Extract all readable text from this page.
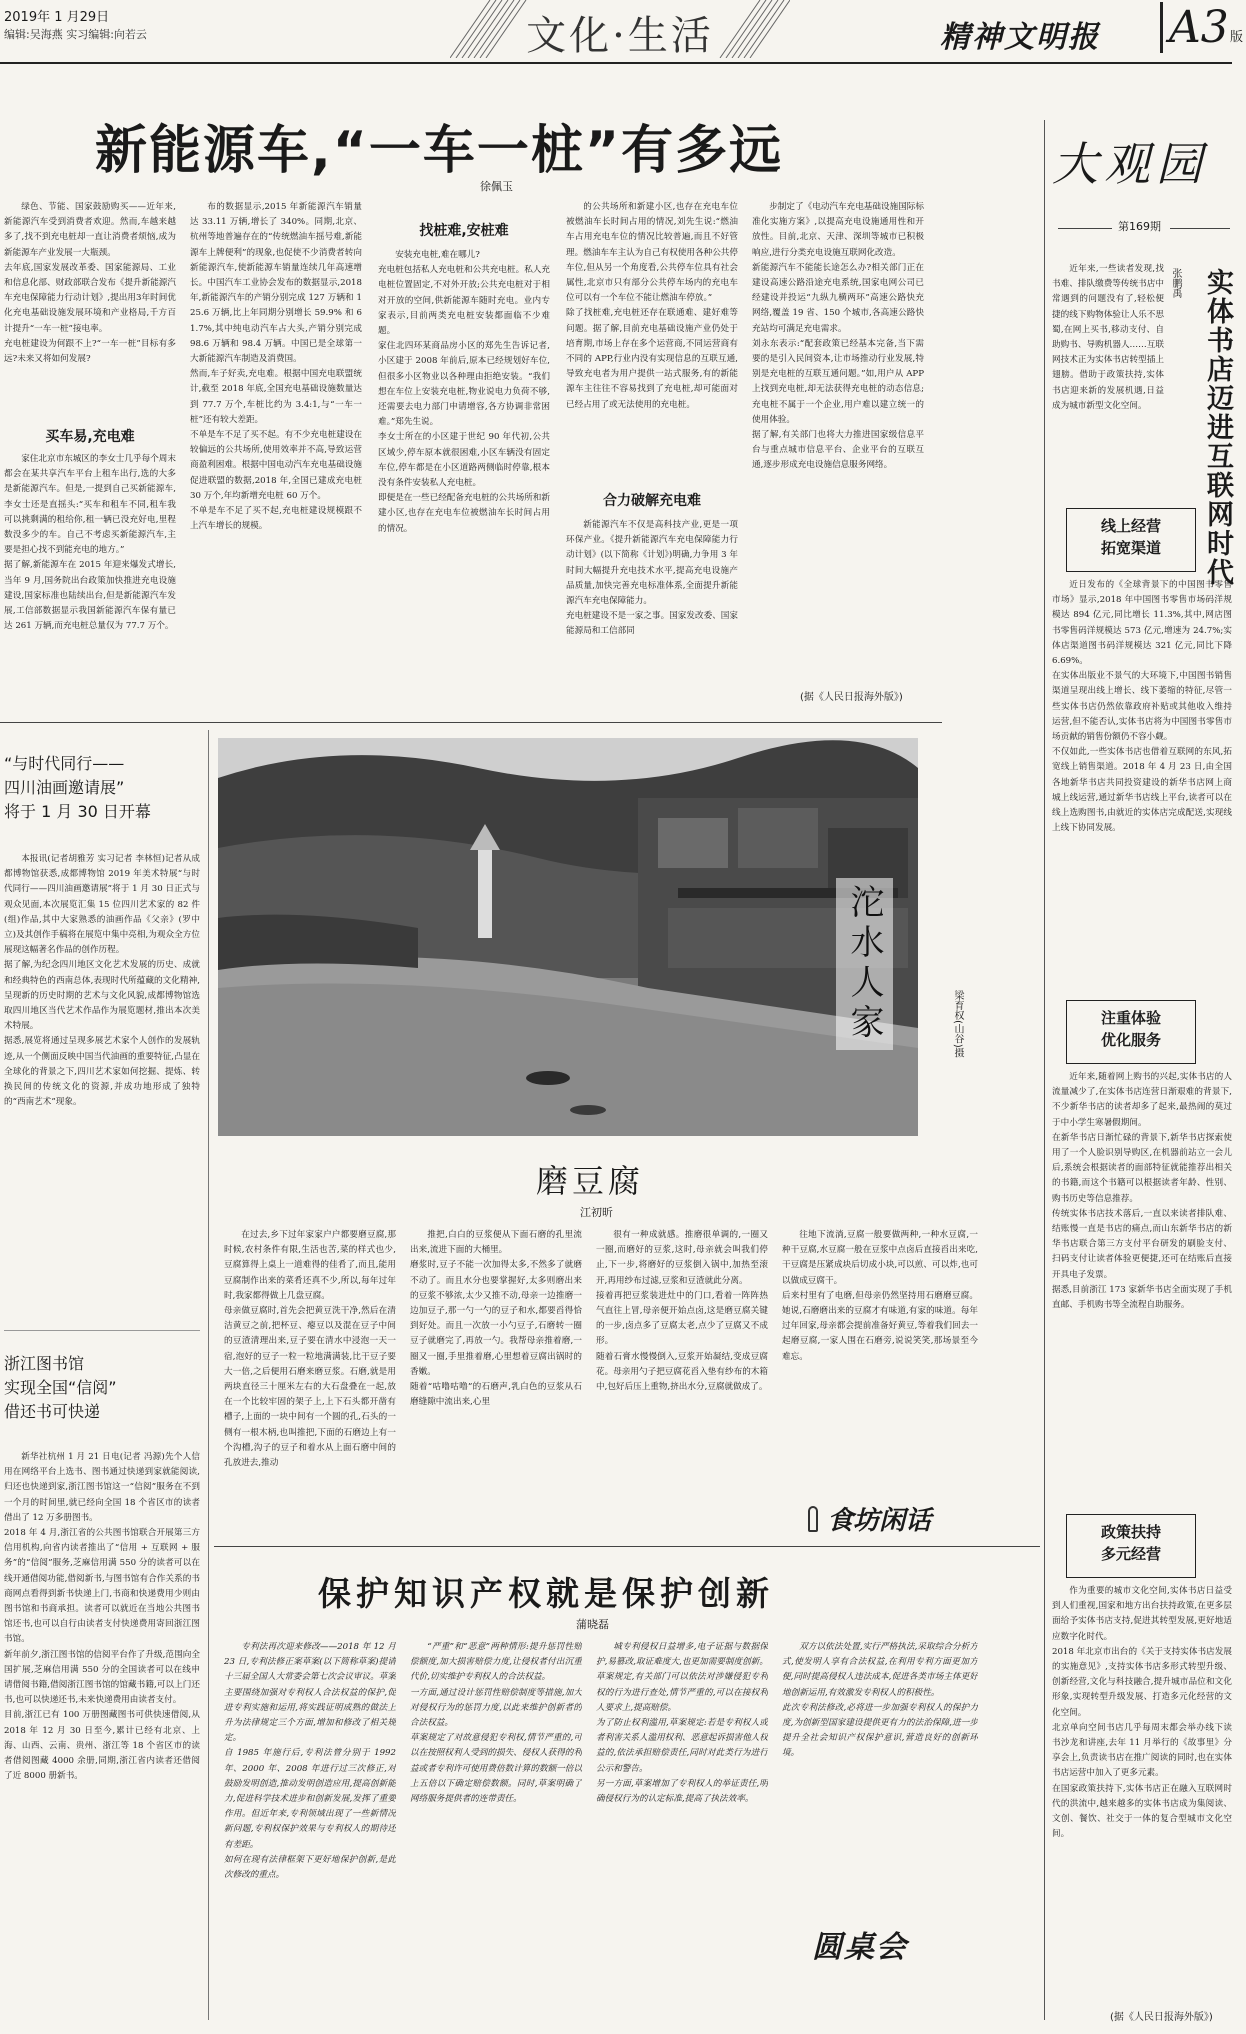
2019年 1 月29日
编辑:吴海燕 实习编辑:向若云	文化·生活	精神文明报 A3 版
新能源车,“一车一桩”有多远
徐佩玉

绿色、节能、国家鼓励购买——近年来,新能源汽车受到消费者欢迎。然而,车越来越多了,找不到充电桩却一直让消费者烦恼,成为新能源车产业发展一大瓶颈。
去年底,国家发展改革委、国家能源局、工业和信息化部、财政部联合发布《提升新能源汽车充电保障能力行动计划》,提出用3年时间优化充电基础设施发展环境和产业格局,千方百计提升“一车一桩”接电率。
充电桩建设为何跟不上?“一车一桩”目标有多远?未来又将如何发展?

买车易,充电难

家住北京市东城区的李女士几乎每个周末都会在某共享汽车平台上租车出行,选的大多是新能源汽车。但是,一提到自己买新能源车,李女士还是直摇头:“买车和租车不同,租车我可以挑剩满的租给你,租一辆已没充好电,里程数没多少的车。自己不考虑买新能源汽车,主要是担心找不到能充电的地方。”
据了解,新能源车在 2015 年迎来爆发式增长,当年 9 月,国务院出台政策加快推进充电设施建设,国家标准也陆续出台,但是新能源汽车发展,工信部数据显示我国新能源汽车保有量已达 261 万辆,而充电桩总量仅为 77.7 万个。

布的数据显示,2015 年新能源汽车销量达 33.11 万辆,增长了 340%。同期,北京、杭州等地普遍存在的“传统燃油车摇号难,新能源车上牌便利”的现象,也促使不少消费者转向新能源汽车,使新能源车销量连续几年高速增长。中国汽车工业协会发布的数据显示,2018 年,新能源汽车的产销分别完成 127 万辆和 125.6 万辆,比上年同期分别增长 59.9% 和 61.7%,其中纯电动汽车占大头,产销分别完成 98.6 万辆和 98.4 万辆。中国已是全球第一大新能源汽车制造及消费国。
然而,车子好卖,充电难。根据中国充电联盟统计,截至 2018 年底,全国充电基础设施数量达到 77.7 万个,车桩比约为 3.4:1,与“一车一桩”还有较大差距。
不单是车不足了买不起。有不少充电桩建设在较偏远的公共场所,使用效率并不高,导致运营商盈利困难。根据中国电动汽车充电基础设施促进联盟的数据,2018 年,全国已建成充电桩 30 万个,年均新增充电桩 60 万个。
不单是车不足了买不起,充电桩建设规模跟不上汽车增长的规模。

找桩难,安桩难

安装充电桩,难在哪儿?
充电桩包括私人充电桩和公共充电桩。私人充电桩位置固定,不对外开放;公共充电桩对于相对开放的空间,供新能源车随时充电。业内专家表示,目前两类充电桩安装都面临不少难题。
家住北四环某商品房小区的郑先生告诉记者,小区建于 2008 年前后,原本已经规划好车位,但很多小区物业以各种理由拒绝安装。“我们想在车位上安装充电桩,物业说电力负荷不够,还需要去电力部门申请增容,各方协调非常困难。”郑先生说。
李女士所在的小区建于世纪 90 年代初,公共区域少,停车原本就很困难,小区车辆没有固定车位,停车都是在小区道路两侧临时停靠,根本没有条件安装私人充电桩。
即便是在一些已经配备充电桩的公共场所和新建小区,也存在充电车位被燃油车长时间占用的情况。

的公共场所和新建小区,也存在充电车位被燃油车长时间占用的情况,刘先生说:“燃油车占用充电车位的情况比较普遍,而且不好管理。燃油车车主认为自己有权使用各种公共停车位,但从另一个角度看,公共停车位具有社会属性,北京市只有部分公共停车场内的充电车位可以有一个车位不能让燃油车停放。”
除了找桩难,充电桩还存在联通难、建好难等问题。据了解,目前充电基础设施产业仍处于培育期,市场上存在多个运营商,不同运营商有不同的 APP,行业内没有实现信息的互联互通,导致充电者为用户提供一站式服务,有的新能源车主往往不容易找到了充电桩,却可能面对已经占用了或无法使用的充电桩。

合力破解充电难

新能源汽车不仅是高科技产业,更是一项环保产业。《提升新能源汽车充电保障能力行动计划》(以下简称《计划》)明确,力争用 3 年时间大幅提升充电技术水平,提高充电设施产品质量,加快完善充电标准体系,全面提升新能源汽车充电保障能力。
充电桩建设不是一家之事。国家发改委、国家能源局和工信部同

步制定了《电动汽车充电基础设施国际标准化实施方案》,以提高充电设施通用性和开放性。目前,北京、天津、深圳等城市已积极响应,进行分类充电设施互联网化改造。
新能源汽车不能能长途怎么办?相关部门正在建设高速公路沿途充电系统,国家电网公司已经建设并投运“九纵九横两环”高速公路快充网络,覆盖 19 省、150 个城市,各高速公路快充站均可满足充电需求。
刘永东表示:“配套政策已经基本完备,当下需要的是引入民间资本,让市场推动行业发展,特别是充电桩的互联互通问题。”如,用户从 APP 上找到充电桩,却无法获得充电桩的动态信息;充电桩不属于一个企业,用户难以建立统一的使用体验。
据了解,有关部门也将大力推进国家级信息平台与重点城市信息平台、企业平台的互联互通,逐步形成充电设施信息服务网络。

(据《人民日报海外版》)
大观园
第169期
实体书店迈进互联网时代
张鹏禹

近年来,一些读者发现,找书难、排队缴费等传统书店中常遇到的问题没有了,轻松便捷的线下购物体验让人乐不思蜀,在网上买书,移动支付、自助购书、导购机器人……互联网技术正为实体书店转型插上翅膀。借助于政策扶持,实体书店迎来新的发展机遇,日益成为城市新型文化空间。

线上经营
拓宽渠道

近日发布的《全球背景下的中国图书零售市场》显示,2018 年中国图书零售市场码洋规模达 894 亿元,同比增长 11.3%,其中,网店图书零售码洋规模达 573 亿元,增速为 24.7%;实体店渠道图书码洋规模达 321 亿元,同比下降 6.69%。
在实体出版业不景气的大环境下,中国图书销售渠道呈现出线上增长、线下萎缩的特征,尽管一些实体书店仍然依靠政府补贴或其他收入维持运营,但不能否认,实体书店将为中国图书零售市场贡献的销售份额仍不容小觑。
不仅如此,一些实体书店也借着互联网的东风,拓宽线上销售渠道。2018 年 4 月 23 日,由全国各地新华书店共同投资建设的新华书店网上商城上线运营,通过新华书店线上平台,读者可以在线上选购图书,由就近的实体店完成配送,实现线上线下协同发展。

注重体验
优化服务

近年来,随着网上购书的兴起,实体书店的人流量减少了,在实体书店连营日渐艰难的背景下,不少新华书店的读者却多了起来,最热闹的莫过于中小学生寒暑假期间。
在新华书店日渐忙碌的背景下,新华书店探索使用了一个人脸识别导购区,在机器前站立一会儿后,系统会根据读者的面部特征就能推荐出相关的书籍,而这个书籍可以根据读者年龄、性别、购书历史等信息推荐。
传统实体书店技术落后,一直以来读者排队难、结账慢一直是书店的痛点,而山东新华书店的新华书店联合第三方支付平台研发的刷脸支付、扫码支付让读者体验更便捷,还可在结账后直接开具电子发票。
据悉,目前浙江 173 家新华书店全面实现了手机直邮、手机购书等全流程自助服务。

政策扶持
多元经营

作为重要的城市文化空间,实体书店日益受到人们重视,国家和地方出台扶持政策,在更多层面给予实体书店支持,促进其转型发展,更好地适应数字化时代。
2018 年北京市出台的《关于支持实体书店发展的实施意见》,支持实体书店多形式转型升级、创新经营,文化与科技融合,提升城市品位和文化形象,实现转型升级发展、打造多元化经营的文化空间。
北京单向空间书店几乎每周末都会举办线下读书沙龙和讲座,去年 11 月举行的《故事里》分享会上,负责读书店在推广阅读的同时,也在实体书店运营中加入了更多元素。
在国家政策扶持下,实体书店正在融入互联网时代的洪流中,越来越多的实体书店成为集阅读、文创、餐饮、社交于一体的复合型城市文化空间。

(据《人民日报海外版》)
“与时代同行——
四川油画邀请展”
将于 1 月 30 日开幕

本报讯(记者胡雅芳 实习记者 李林恒)记者从成都博物馆获悉,成都博物馆 2019 年美术特展“与时代同行——四川油画邀请展”将于 1 月 30 日正式与观众见面,本次展览汇集 15 位四川艺术家的 82 件(组)作品,其中大家熟悉的油画作品《父亲》(罗中立)及其创作手稿将在展览中集中亮相,为观众全方位展现这幅著名作品的创作历程。
据了解,为纪念四川地区文化艺术发展的历史、成就和经典特色的西南总体,表现时代所蕴藏的文化精神,呈现新的历史时期的艺术与文化风貌,成都博物馆选取四川地区当代艺术作品作为展览题材,推出本次美术特展。
据悉,展览将通过呈现多展艺术家个人创作的发展轨迹,从一个侧面反映中国当代油画的重要特征,凸显在全球化的背景之下,四川艺术家如何挖掘、提炼、转换民间的传统文化的资源,并成功地形成了独特的“西南艺术”现象。

浙江图书馆
实现全国“信阅”
借还书可快递

新华社杭州 1 月 21 日电(记者 冯源)先个人信用在网络平台上选书、图书通过快递到家就能阅读,归还也快递到家,浙江图书馆这一“信阅”服务在不到一个月的时间里,就已经向全国 18 个省区市的读者借出了 12 万多册图书。
2018 年 4 月,浙江省的公共图书馆联合开展第三方信用机构,向省内读者推出了“信用 + 互联网 + 服务”的“信阅”服务,芝麻信用满 550 分的读者可以在线开通借阅功能,借阅新书,与图书馆有合作关系的书商网点看得到新书快递上门,书商和快递费用少则由图书馆和书商承担。读者可以就近在当地公共图书馆还书,也可以自行由读者支付快递费用寄回浙江图书馆。
新年前夕,浙江图书馆的信阅平台作了升级,范围向全国扩展,芝麻信用满 550 分的全国读者可以在线申请借阅书籍,借阅浙江图书馆的馆藏书籍,可以上门还书,也可以快递还书,未来快递费用由读者支付。
目前,浙江已有 100 万册图藏图书可供快速借阅,从 2018 年 12 月 30 日至今,累计已经有北京、上海、山西、云南、贵州、浙江等 18 个省区市的读者借阅图藏 4000 余册,同期,浙江省内读者还借阅了近 8000 册新书。

沱水人家	梁育权(山谷)摄
磨豆腐
江初昕

在过去,乡下过年家家户户都要磨豆腐,那时候,农村条件有限,生活也苦,菜的样式也少,豆腐算得上桌上一道难得的佳肴了,而且,能用豆腐制作出来的菜肴还真不少,所以,每年过年时,我家都得做上几盘豆腐。
母亲做豆腐时,首先会把黄豆洗干净,然后在清洁黄豆之前,把杯豆、瘪豆以及混在豆子中间的豆渣清理出来,豆子要在清水中浸泡一天一宿,泡好的豆子一粒一粒地满满装,比干豆子要大一倍,之后便用石磨来磨豆浆。石磨,就是用两块直径三十厘米左右的大石盘叠在一起,放在一个比较牢固的架子上,上下石头都开凿有槽子,上面的一块中间有一个圆的孔,石头的一侧有一根木柄,也叫推把,下面的石磨边上有一个沟槽,沟子的豆子和着水从上面石磨中间的孔放进去,推动

推把,白白的豆浆便从下面石磨的孔里流出来,流进下面的大桶里。
磨浆时,豆子不能一次加得太多,不然多了就磨不动了。而且水分也要掌握好,太多则磨出来的豆浆不够浓,太少又推不动,母亲一边推磨一边加豆子,那一勺一勺的豆子和水,都要舀得恰到好处。而且一次放一小勺豆子,石磨转一圈豆子就磨完了,再放一勺。我帮母亲推着磨,一圈又一圈,手里推着磨,心里想着豆腐出锅时的香嫩。
随着“咕噜咕噜”的石磨声,乳白色的豆浆从石磨缝隙中流出来,心里

很有一种成就感。推磨很单调的,一圈又一圈,而磨好的豆浆,这时,母亲就会叫我们停止,下一步,将磨好的豆浆倒入锅中,加热至滚开,再用纱布过滤,豆浆和豆渣就此分离。
接着再把豆浆装进灶中的门口,看着一阵阵热气直往上冒,母亲便开始点卤,这是磨豆腐关键的一步,卤点多了豆腐太老,点少了豆腐又不成形。
随着石膏水慢慢倒入,豆浆开始凝结,变成豆腐花。母亲用勺子把豆腐花舀入垫有纱布的木箱中,包好后压上重物,挤出水分,豆腐就做成了。

往地下流淌,豆腐一般要做两种,一种水豆腐,一种干豆腐,水豆腐一般在豆浆中点卤后直接舀出来吃,干豆腐是压紧成块后切成小块,可以煎、可以炸,也可以做成豆腐干。
后来村里有了电磨,但母亲仍然坚持用石磨磨豆腐。她说,石磨磨出来的豆腐才有味道,有家的味道。每年过年回家,母亲都会提前准备好黄豆,等着我们回去一起磨豆腐,一家人围在石磨旁,说说笑笑,那场景至今难忘。

食坊闲话
保护知识产权就是保护创新
蒲晓磊

专利法再次迎来修改——2018 年 12 月 23 日,专利法修正案草案(以下简称草案)提请十三届全国人大常委会第七次会议审议。草案主要围绕加强对专利权人合法权益的保护,促进专利实施和运用,将实践证明成熟的做法上升为法律规定三个方面,增加和修改了相关规定。
自 1985 年施行后,专利法曾分别于 1992 年、2000 年、2008 年进行过三次修正,对鼓励发明创造,推动发明创造应用,提高创新能力,促进科学技术进步和创新发展,发挥了重要作用。但近年来,专利领域出现了一些新情况新问题,专利权保护效果与专利权人的期待还有差距。
如何在现有法律框架下更好地保护创新,是此次修改的重点。

“严重”和“恶意”两种情形:提升惩罚性赔偿额度,加大损害赔偿力度,让侵权者付出沉重代价,切实维护专利权人的合法权益。
一方面,通过设计惩罚性赔偿制度等措施,加大对侵权行为的惩罚力度,以此来维护创新者的合法权益。
草案规定了对故意侵犯专利权,情节严重的,可以在按照权利人受到的损失、侵权人获得的利益或者专利许可使用费倍数计算的数额一倍以上五倍以下确定赔偿数额。同时,草案明确了网络服务提供者的连带责任。

城专利侵权日益增多,电子证据与数据保护,易篡改,取证难度大,也更加需要制度创新。草案规定,有关部门可以依法对涉嫌侵犯专利权的行为进行查处,情节严重的,可以在接权利人要求上,提高赔偿。
为了防止权利滥用,草案规定:若是专利权人或者利害关系人滥用权利、恶意起诉损害他人权益的,依法承担赔偿责任,同时对此类行为进行公示和警告。
另一方面,草案增加了专利权人的举证责任,明确侵权行为的认定标准,提高了执法效率。

双方以依法处置,实行严格执法,采取综合分析方式,使发明人享有合法权益,在利用专利方面更加方便,同时提高侵权人违法成本,促进各类市场主体更好地创新运用,有效激发专利权人的积极性。
此次专利法修改,必将进一步加强专利权人的保护力度,为创新型国家建设提供更有力的法治保障,进一步提升全社会知识产权保护意识,营造良好的创新环境。

圆桌会
